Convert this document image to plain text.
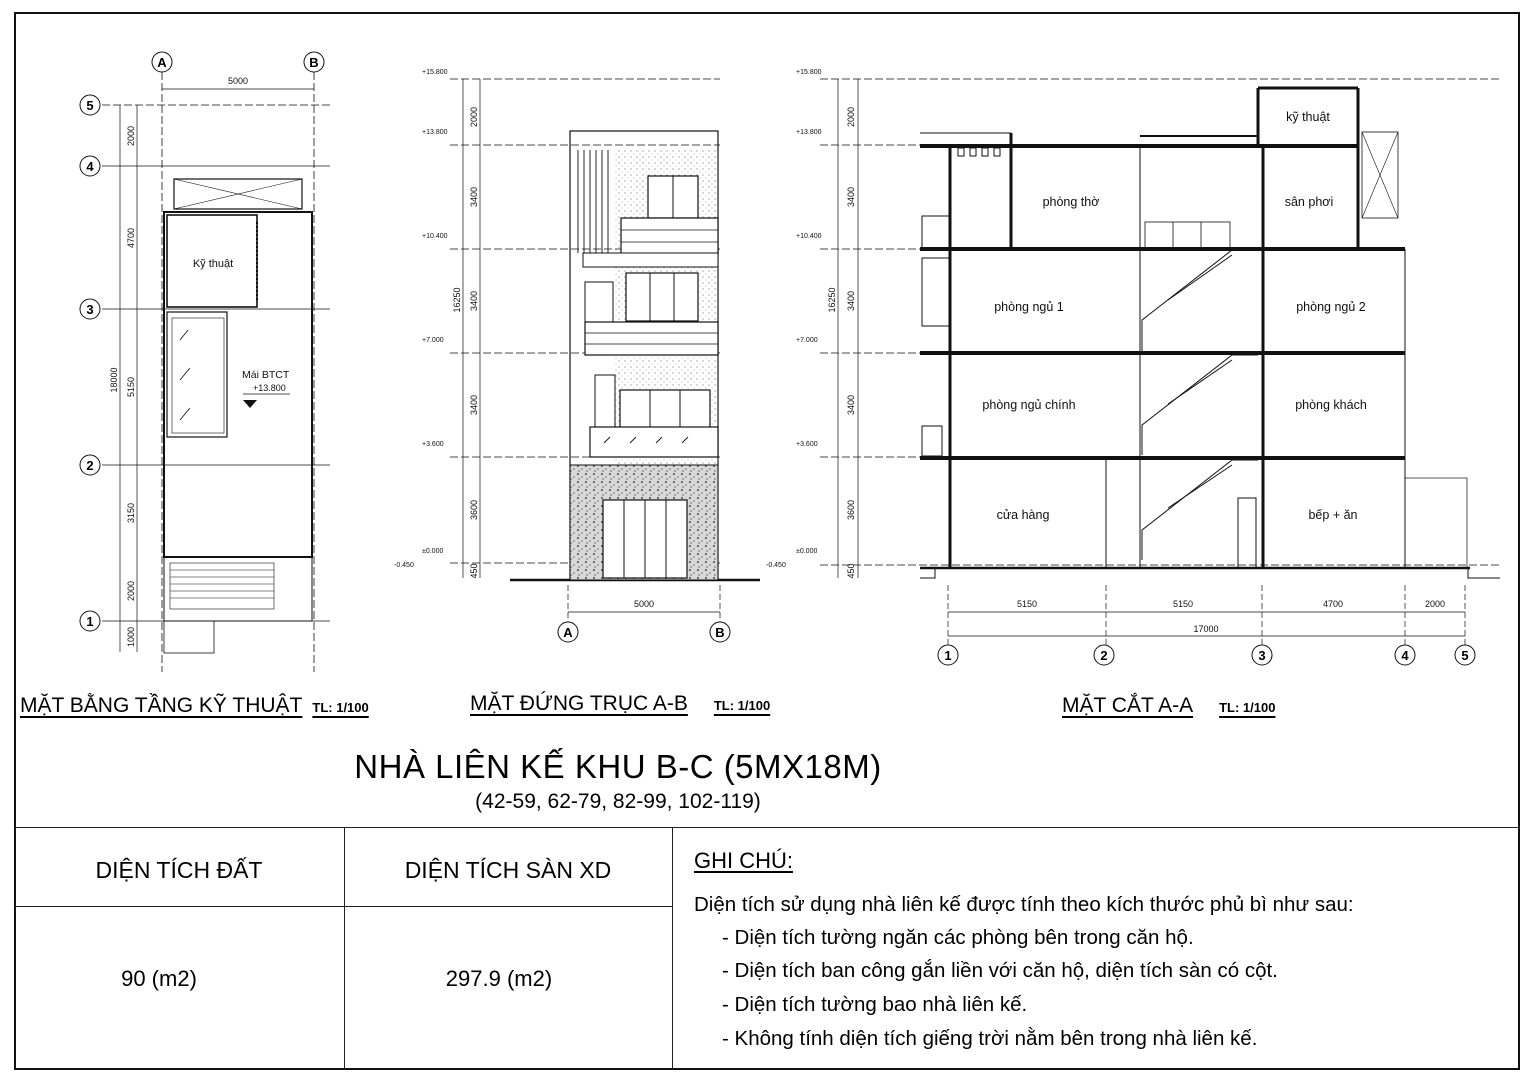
5000
2000
4700
5150
3150
2000
1000
18000
Kỹ thuật
Mái BTCT
+13.800
A	B
5
4
3
2
1
+15.800
+13.800
+10.400
+7.000
+3.600
±0.000
-0.450
2000
3400
3400
3400
3600
450
16250
5000
A	B
+15.800
+13.800
+10.400
+7.000
+3.600
±0.000
-0.450
2000
3400
3400
3400
3600
450
16250
5150	5150	4700	2000
17000
kỹ thuật
phòng thờ	sân phơi
phòng ngủ 1	phòng ngủ 2
phòng ngủ chính	phòng khách
cửa hàng	bếp + ăn
1	2	3	4	5
MẶT BẰNG TẦNG KỸ THUẬT TL: 1/100	MẶT ĐỨNG TRỤC A-B TL: 1/100	MẶT CẮT A-A TL: 1/100
NHÀ LIÊN KẾ KHU B-C (5MX18M)
(42-59, 62-79, 82-99, 102-119)
DIỆN TÍCH ĐẤT	DIỆN TÍCH SÀN XD
90 (m2)	297.9 (m2)
GHI CHÚ:
Diện tích sử dụng nhà liên kế được tính theo kích thước phủ bì như sau:
- Diện tích tường ngăn các phòng bên trong căn hộ.
- Diện tích ban công gắn liền với căn hộ, diện tích sàn có cột.
- Diện tích tường bao nhà liên kế.
- Không tính diện tích giếng trời nằm bên trong nhà liên kế.
